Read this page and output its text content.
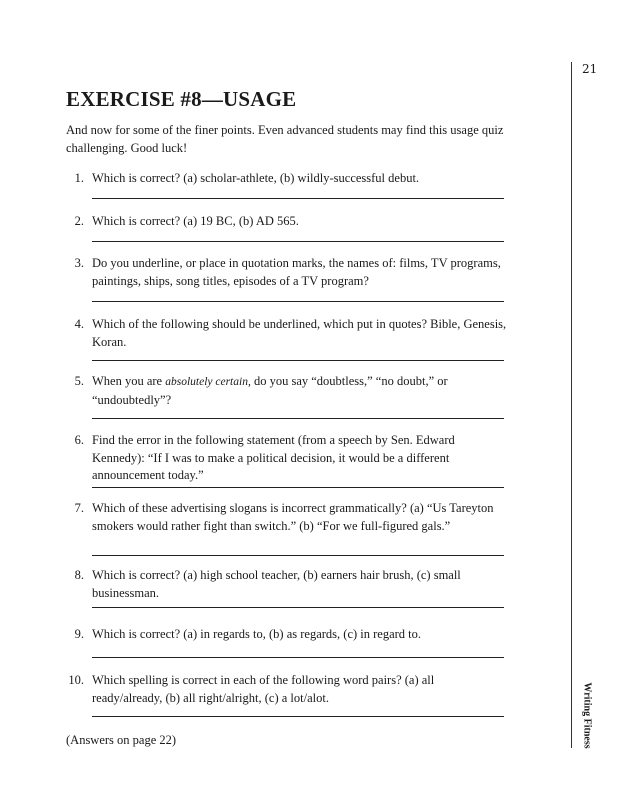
21
Writing Fitness
EXERCISE #8—USAGE

And now for some of the finer points. Even advanced students may find this usage quiz challenging. Good luck!

1. Which is correct? (a) scholar-athlete, (b) wildly-successful debut.
2. Which is correct? (a) 19 BC, (b) AD 565.
3. Do you underline, or place in quotation marks, the names of: films, TV programs, paintings, ships, song titles, episodes of a TV program?
4. Which of the following should be underlined, which put in quotes? Bible, Genesis, Koran.
5. When you are absolutely certain, do you say “doubtless,” “no doubt,” or “undoubtedly”?
6. Find the error in the following statement (from a speech by Sen. Edward Kennedy): “If I was to make a political decision, it would be a different announcement today.”
7. Which of these advertising slogans is incorrect grammatically? (a) “Us Tareyton smokers would rather fight than switch.” (b) “For we full-figured gals.”
8. Which is correct? (a) high school teacher, (b) earners hair brush, (c) small businessman.
9. Which is correct? (a) in regards to, (b) as regards, (c) in regard to.
10. Which spelling is correct in each of the following word pairs? (a) all ready/already, (b) all right/alright, (c) a lot/alot.
(Answers on page 22)
